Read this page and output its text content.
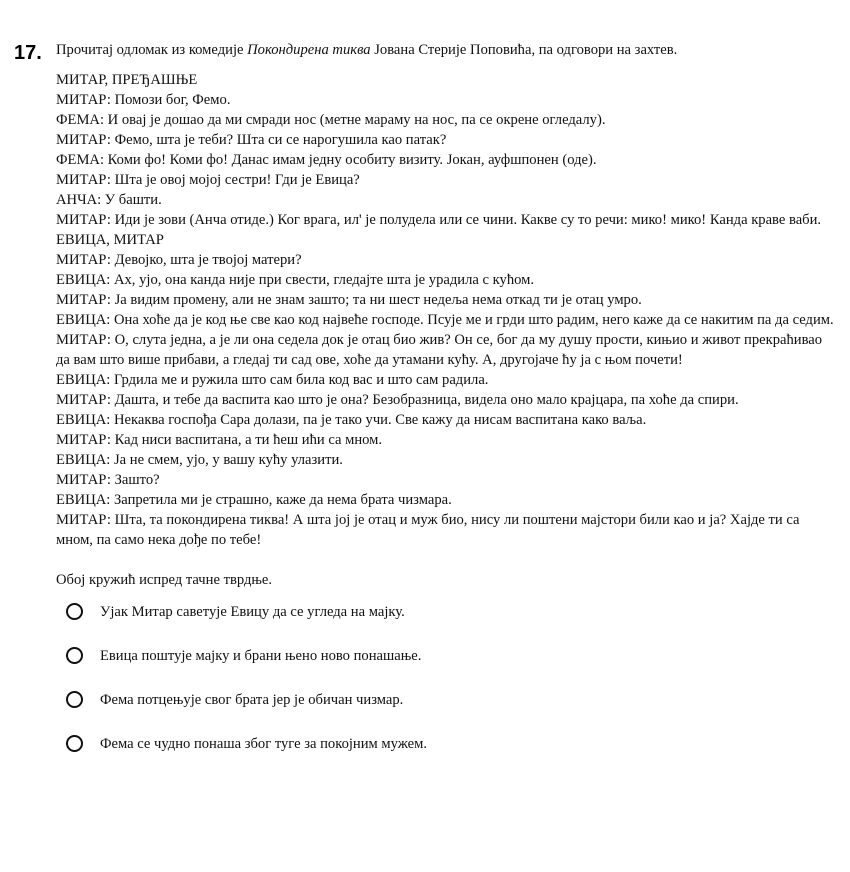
17. Прочитај одломак из комедије Покондирена тиква Јована Стерије Поповића, па одговори на захтев.

МИТАР, ПРЕЂАШЊЕ

МИТАР: Помози бог, Фемо.

ФЕМА: И овај је дошао да ми смради нос (метне мараму на нос, па се окрене огледалу).

МИТАР: Фемо, шта је теби? Шта си се нарогушила као патак?

ФЕМА: Коми фо! Коми фо! Данас имам једну особиту визиту. Јокан, ауфшпонен (оде).

МИТАР: Шта је овој мојој сестри! Гди је Евица?

АНЧА: У башти.

МИТАР: Иди је зови (Анча отиде.) Ког врага, ил' је полудела или се чини. Какве су то речи: мико! мико! Канда краве ваби.

ЕВИЦА, МИТАР

МИТАР: Девојко, шта је твојој матери?

ЕВИЦА: Ах, ујо, она канда није при свести, гледајте шта је урадила с кућом.

МИТАР: Ја видим промену, али не знам зашто; та ни шест недеља нема откад ти је отац умро.

ЕВИЦА: Она хоће да је код ње све као код највеће господе. Псује ме и грди што радим, него каже да се накитим па да седим.

МИТАР: О, слута једна, а је ли она седела док је отац био жив? Он се, бог да му душу прости, кињио и живот прекраћивао да вам што више прибави, а гледај ти сад ове, хоће да утамани кућу. А, другојаче ћу ја с њом почети!

ЕВИЦА: Грдила ме и ружила што сам била код вас и што сам радила.

МИТАР: Дашта, и тебе да васпита као што је она? Безобразница, видела оно мало крајцара, па хоће да спири.

ЕВИЦА: Некаква госпођа Сара долази, па је тако учи. Све кажу да нисам васпитана како ваља.

МИТАР: Кад ниси васпитана, а ти ћеш ићи са мном.

ЕВИЦА: Ја не смем, ујо, у вашу кућу улазити.

МИТАР: Зашто?

ЕВИЦА: Запретила ми је страшно, каже да нема брата чизмара.

МИТАР: Шта, та покондирена тиква! А шта јој је отац и муж био, нису ли поштени мајстори били као и ја? Хајде ти са мном, па само нека дође по тебе!

Обој кружић испред тачне тврдње.

Ујак Митар саветује Евицу да се угледа на мајку.
Евица поштује мајку и брани њено ново понашање.
Фема потцењује свог брата јер је обичан чизмар.
Фема се чудно понаша због туге за покојним мужем.
